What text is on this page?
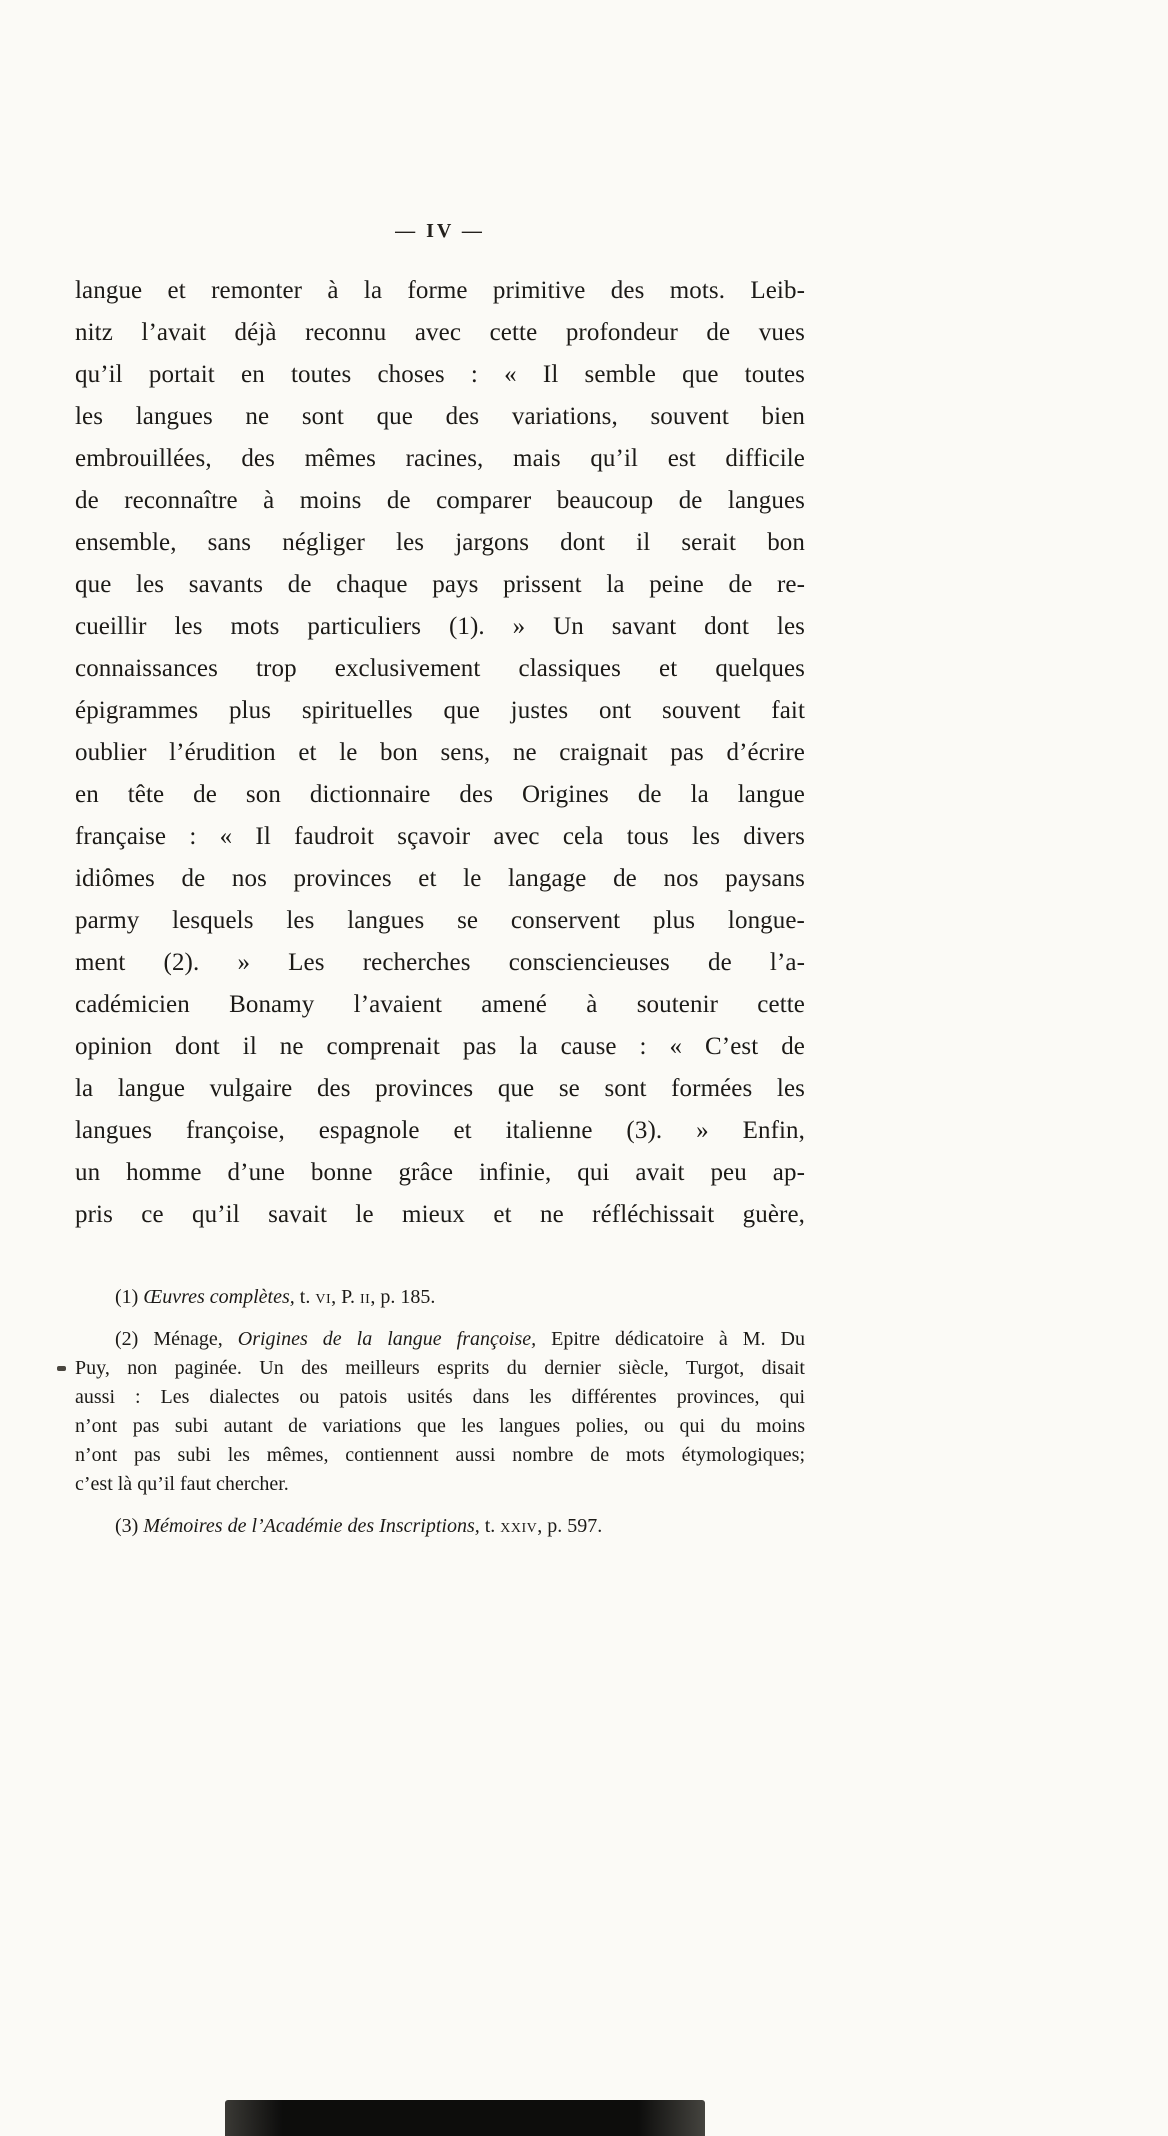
— IV —
langue et remonter à la forme primitive des mots. Leib-
nitz l’avait déjà reconnu avec cette profondeur de vues
qu’il portait en toutes choses : « Il semble que toutes
les langues ne sont que des variations, souvent bien
embrouillées, des mêmes racines, mais qu’il est difficile
de reconnaître à moins de comparer beaucoup de langues
ensemble, sans négliger les jargons dont il serait bon
que les savants de chaque pays prissent la peine de re-
cueillir les mots particuliers (1). » Un savant dont les
connaissances trop exclusivement classiques et quelques
épigrammes plus spirituelles que justes ont souvent fait
oublier l’érudition et le bon sens, ne craignait pas d’écrire
en tête de son dictionnaire des Origines de la langue
française : « Il faudroit sçavoir avec cela tous les divers
idiômes de nos provinces et le langage de nos paysans
parmy lesquels les langues se conservent plus longue-
ment (2). » Les recherches consciencieuses de l’a-
cadémicien Bonamy l’avaient amené à soutenir cette
opinion dont il ne comprenait pas la cause : « C’est de
la langue vulgaire des provinces que se sont formées les
langues françoise, espagnole et italienne (3). » Enfin,
un homme d’une bonne grâce infinie, qui avait peu ap-
pris ce qu’il savait le mieux et ne réfléchissait guère,
(1) Œuvres complètes, t. vi, P. ii, p. 185.
(2) Ménage, Origines de la langue françoise, Epitre dédicatoire à M. Du
Puy, non paginée. Un des meilleurs esprits du dernier siècle, Turgot, disait
aussi : Les dialectes ou patois usités dans les différentes provinces, qui
n’ont pas subi autant de variations que les langues polies, ou qui du moins
n’ont pas subi les mêmes, contiennent aussi nombre de mots étymologiques;
c’est là qu’il faut chercher.
(3) Mémoires de l’Académie des Inscriptions, t. xxiv, p. 597.
